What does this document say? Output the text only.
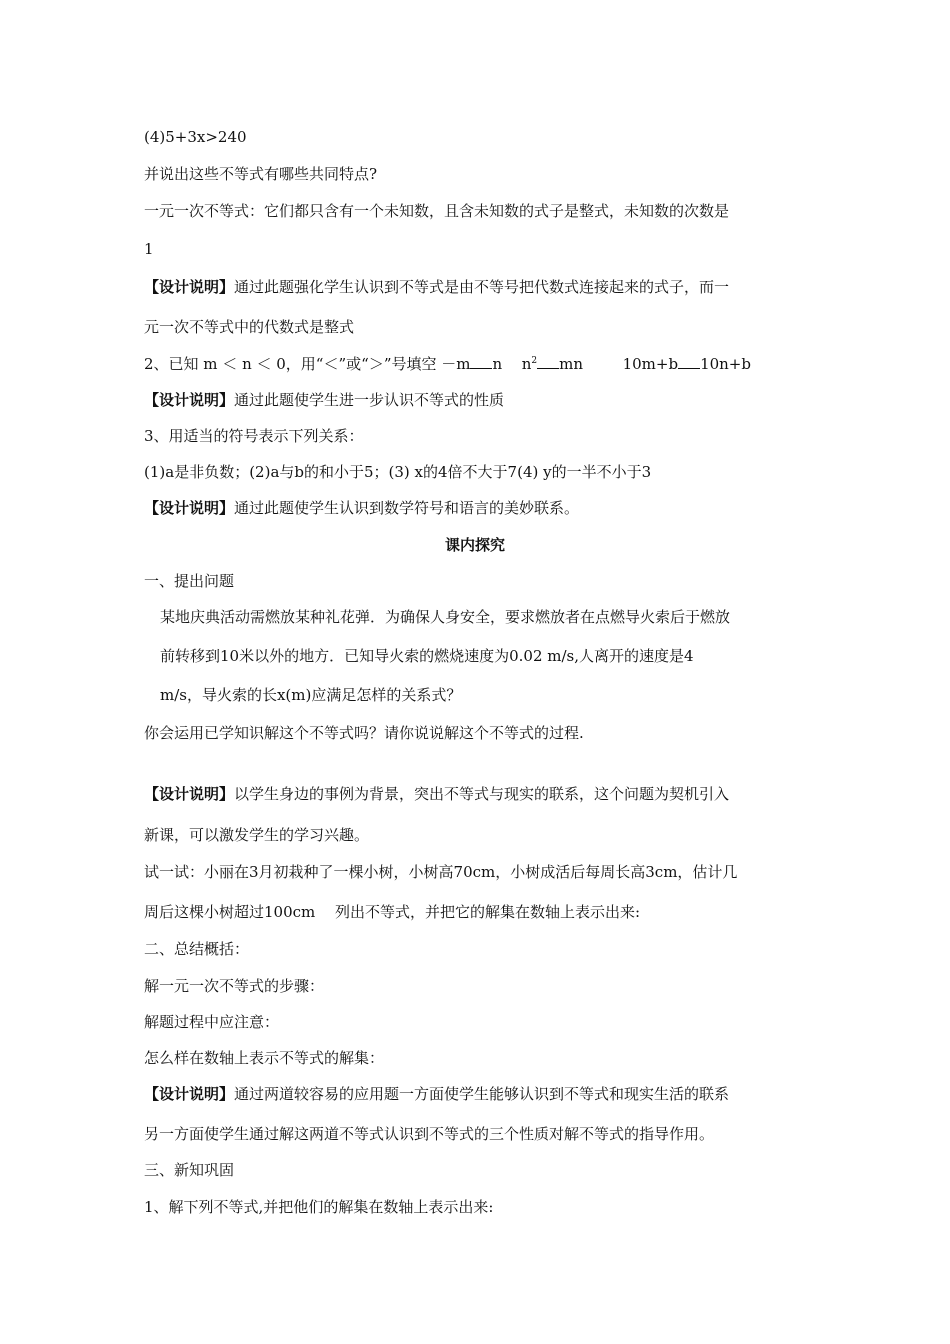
(4)5+3x>240
并说出这些不等式有哪些共同特点?
一元一次不等式：它们都只含有一个未知数，且含未知数的式子是整式，未知数的次数是
1
【设计说明】通过此题强化学生认识到不等式是由不等号把代数式连接起来的式子，而一
元一次不等式中的代数式是整式
2、已知 m ＜ n ＜ 0，用“＜”或“＞”号填空 －m n $n^2$ mn	10m+b 10n+b
【设计说明】通过此题使学生进一步认识不等式的性质
3、用适当的符号表示下列关系：
(1)a是非负数；(2)a与b的和小于5；(3) x的4倍不大于7(4) y的一半不小于3
【设计说明】通过此题使学生认识到数学符号和语言的美妙联系。
课内探究
一、提出问题
某地庆典活动需燃放某种礼花弹．为确保人身安全，要求燃放者在点燃导火索后于燃放
前转移到10米以外的地方．已知导火索的燃烧速度为0.02 m/s,人离开的速度是4
m/s，导火索的长x(m)应满足怎样的关系式？
你会运用已学知识解这个不等式吗？请你说说解这个不等式的过程.
【设计说明】以学生身边的事例为背景，突出不等式与现实的联系，这个问题为契机引入
新课，可以激发学生的学习兴趣。
试一试：小丽在3月初栽种了一棵小树，小树高70cm，小树成活后每周长高3cm，估计几
周后这棵小树超过100cm　 列出不等式，并把它的解集在数轴上表示出来:
二、总结概括：
解一元一次不等式的步骤：
解题过程中应注意：
怎么样在数轴上表示不等式的解集：
【设计说明】通过两道较容易的应用题一方面使学生能够认识到不等式和现实生活的联系
另一方面使学生通过解这两道不等式认识到不等式的三个性质对解不等式的指导作用。
三、新知巩固
1、解下列不等式,并把他们的解集在数轴上表示出来:
